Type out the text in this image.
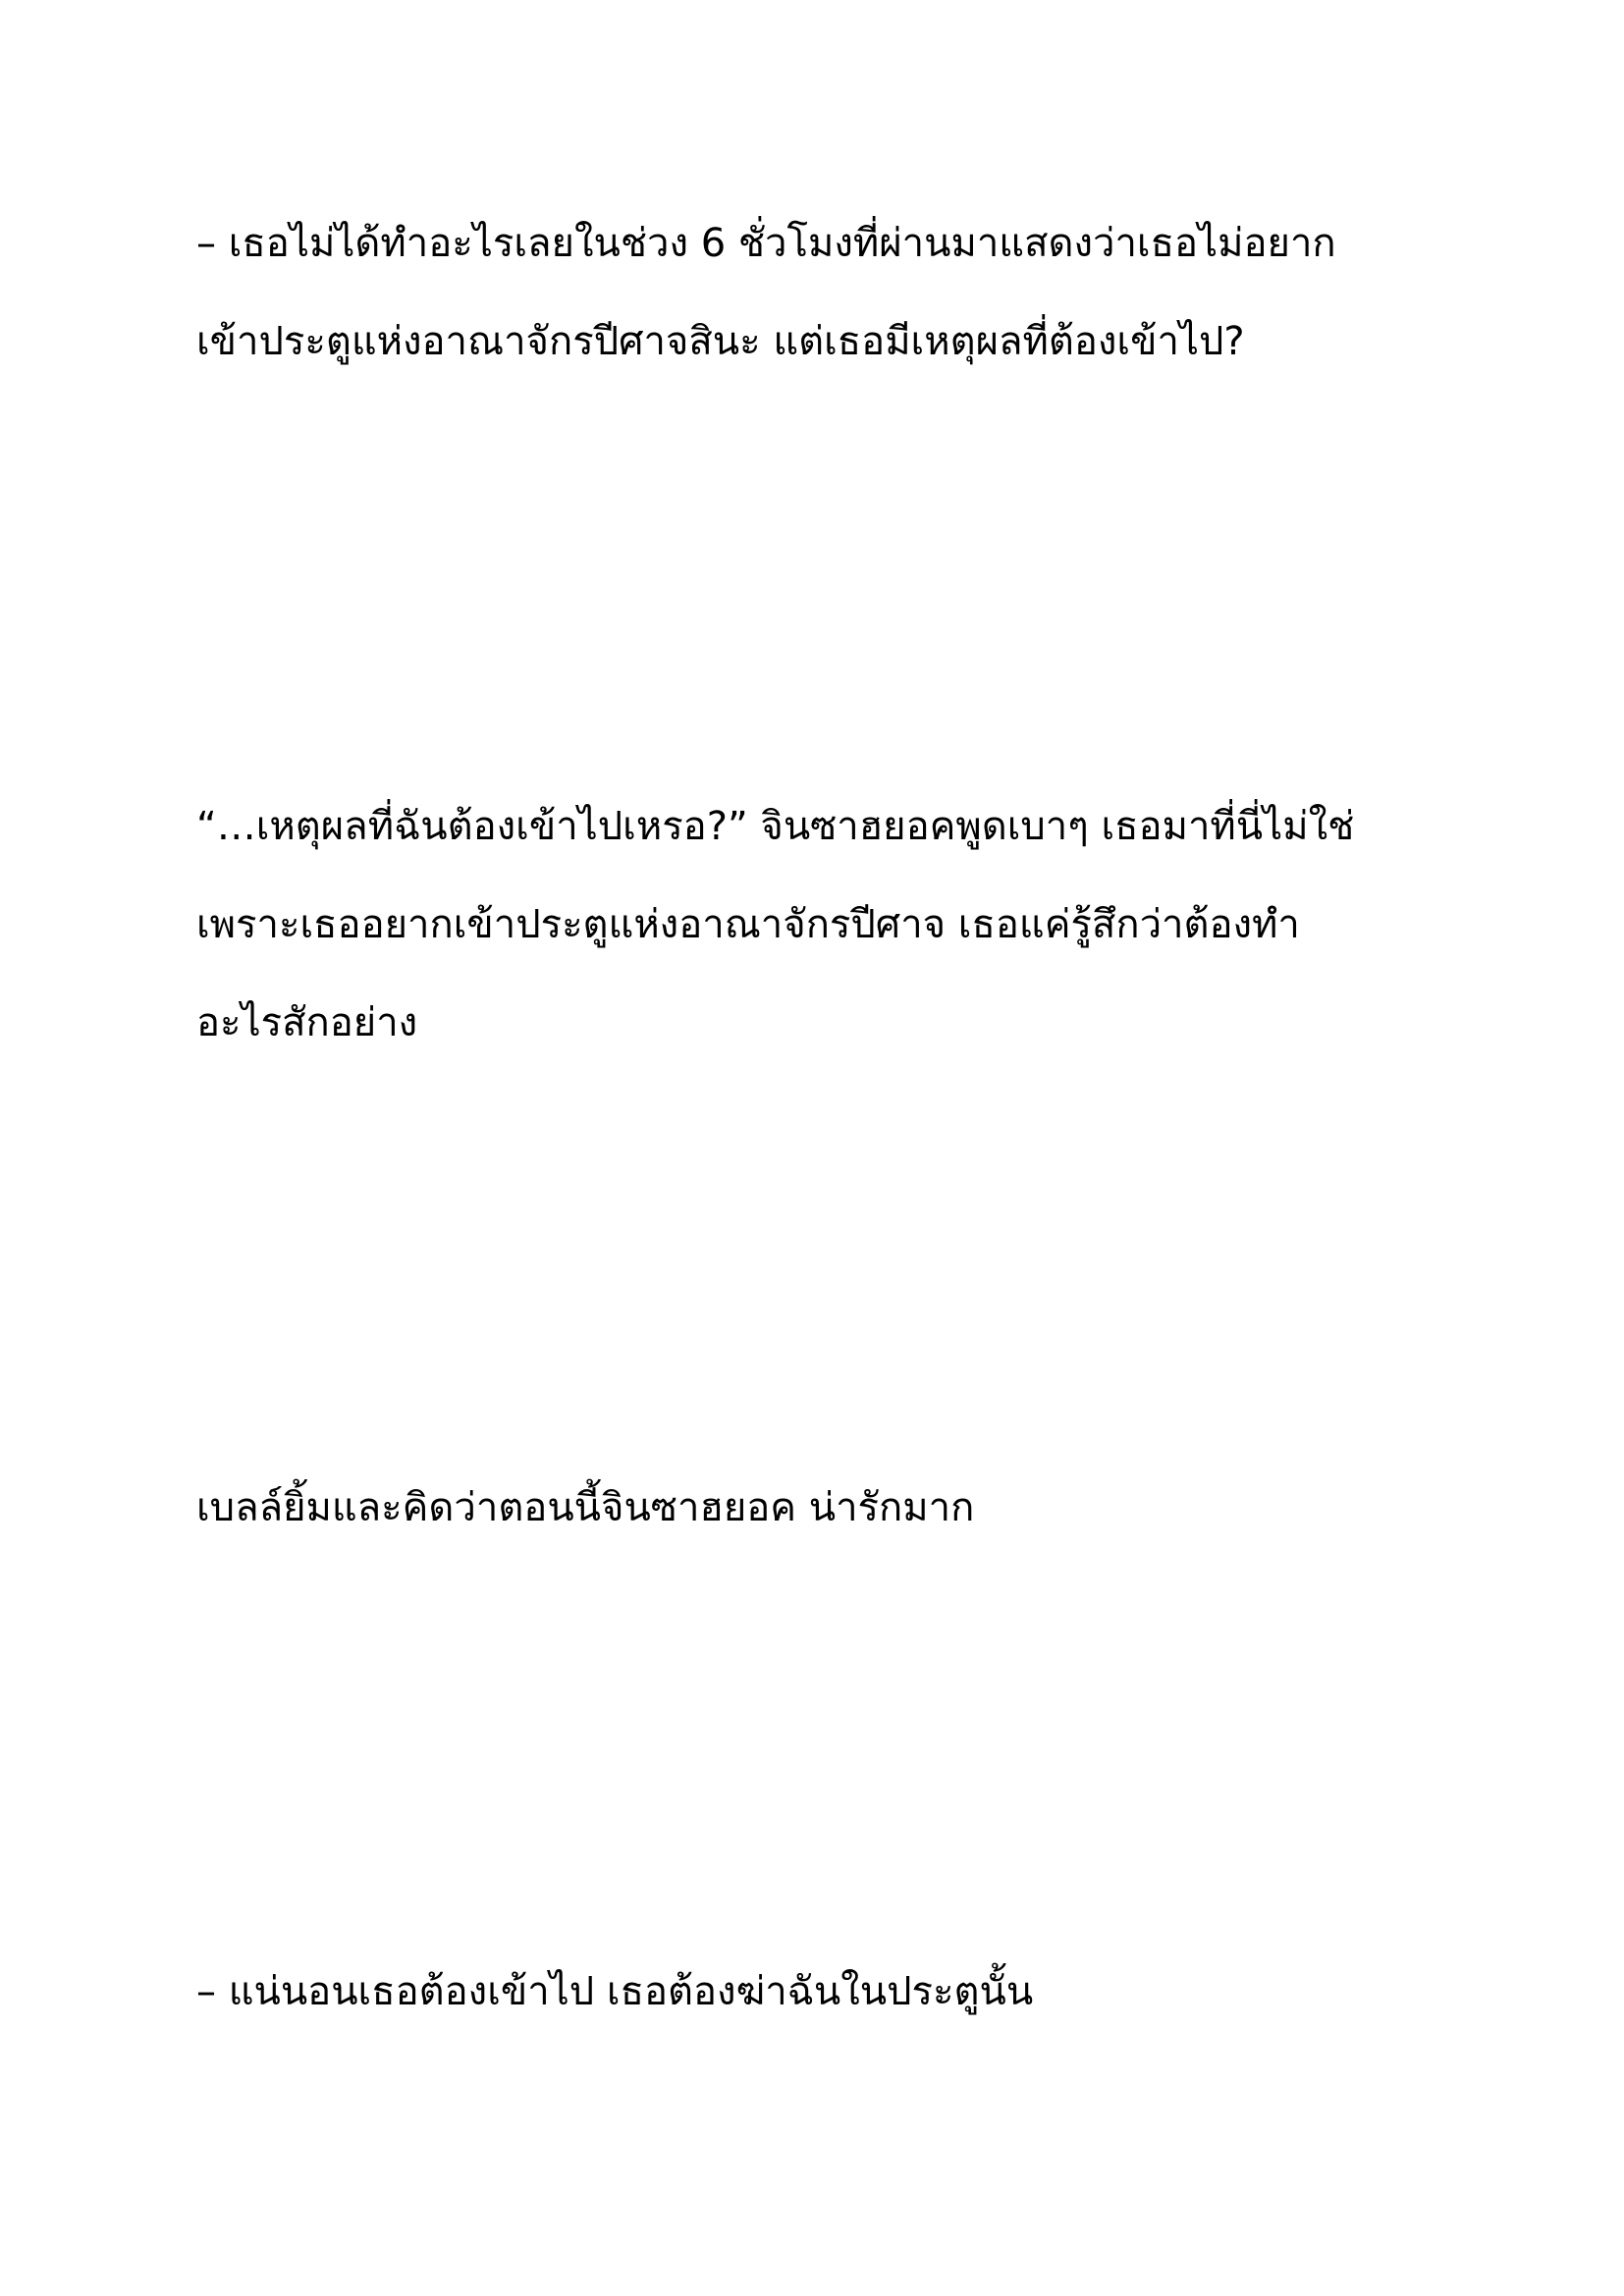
– เธอไม่ได้ทำอะไรเลยในช่วง 6 ชั่วโมงที่ผ่านมาแสดงว่าเธอไม่อยาก
เข้าประตูแห่งอาณาจักรปีศาจสินะ แต่เธอมีเหตุผลที่ต้องเข้าไป?

“…เหตุผลที่ฉันต้องเข้าไปเหรอ?” จินซาฮยอคพูดเบาๆ เธอมาที่นี่ไม่ใช่
เพราะเธออยากเข้าประตูแห่งอาณาจักรปีศาจ เธอแค่รู้สึกว่าต้องทำ
อะไรสักอย่าง

เบลล์ยิ้มและคิดว่าตอนนี้จินซาฮยอค น่ารักมาก

– แน่นอนเธอต้องเข้าไป เธอต้องฆ่าฉันในประตูนั้น
